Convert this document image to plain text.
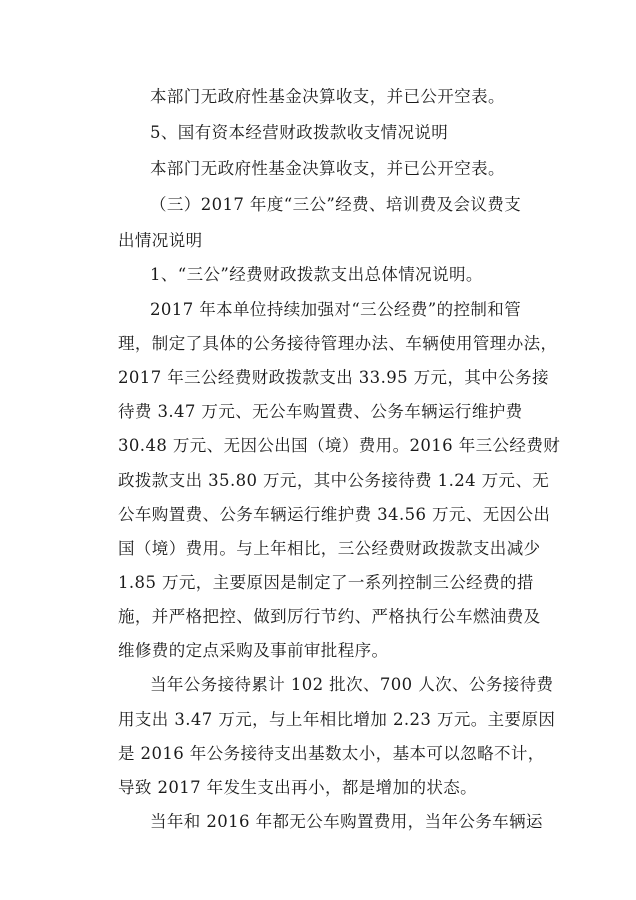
本部门无政府性基金决算收支，并已公开空表。
5、国有资本经营财政拨款收支情况说明
本部门无政府性基金决算收支，并已公开空表。
（三）2017 年度“三公”经费、培训费及会议费支
出情况说明
1、“三公”经费财政拨款支出总体情况说明。
2017 年本单位持续加强对“三公经费”的控制和管
理，制定了具体的公务接待管理办法、车辆使用管理办法，
2017 年三公经费财政拨款支出 33.95 万元，其中公务接
待费 3.47 万元、无公车购置费、公务车辆运行维护费
30.48 万元、无因公出国（境）费用。2016 年三公经费财
政拨款支出 35.80 万元，其中公务接待费 1.24 万元、无
公车购置费、公务车辆运行维护费 34.56 万元、无因公出
国（境）费用。与上年相比，三公经费财政拨款支出减少
1.85 万元，主要原因是制定了一系列控制三公经费的措
施，并严格把控、做到厉行节约、严格执行公车燃油费及
维修费的定点采购及事前审批程序。
当年公务接待累计 102 批次、700 人次、公务接待费
用支出 3.47 万元，与上年相比增加 2.23 万元。主要原因
是 2016 年公务接待支出基数太小，基本可以忽略不计，
导致 2017 年发生支出再小，都是增加的状态。
当年和 2016 年都无公车购置费用，当年公务车辆运
